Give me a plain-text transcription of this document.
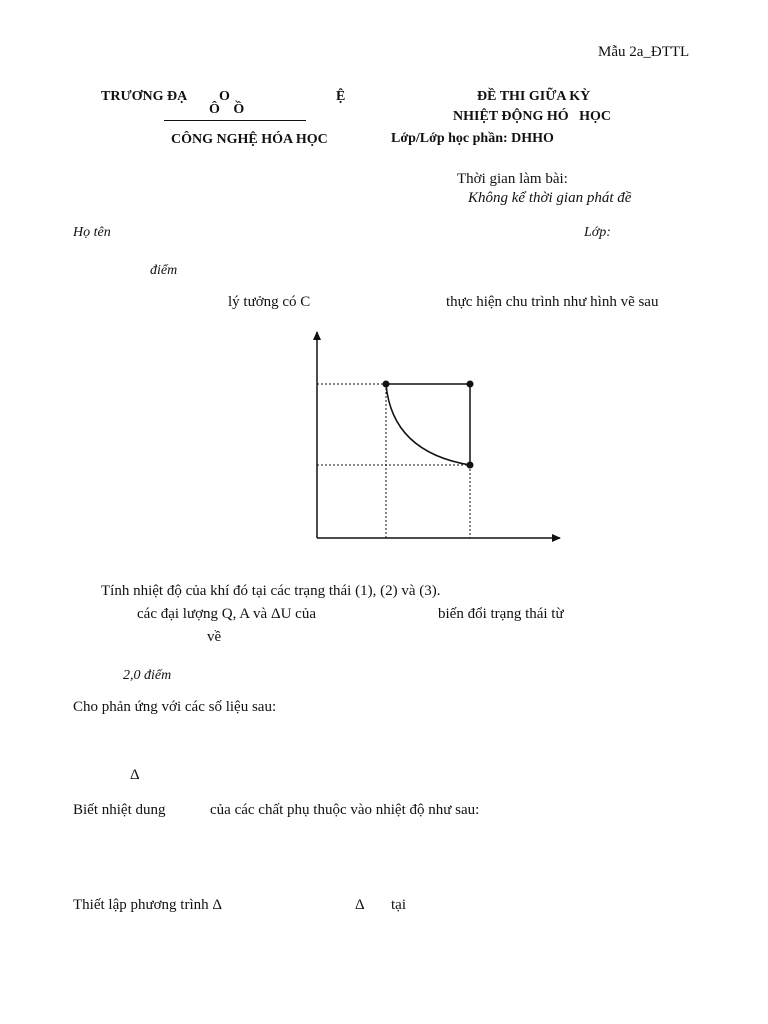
Mẫu 2a_ĐTTL
TRƯƠNG ĐẠ O	Ệ
Ô Ồ
CÔNG NGHỆ HÓA HỌC
ĐỀ THI GIỮA KỲ
NHIỆT ĐỘNG HÓ   HỌC
Lớp/Lớp học phần: DHHO
Thời gian làm bài:
Không kể thời gian phát đề
Họ tên	Lớp:
điểm
lý tưởng có C	thực hiện chu trình như hình vẽ sau
Tính nhiệt độ của khí đó tại các trạng thái (1), (2) và (3).
các đại lượng Q, A và ΔU của	biến đổi trạng thái từ
về
2,0 điểm
Cho phản ứng với các số liệu sau:
Δ
Biết nhiệt dung	của các chất phụ thuộc vào nhiệt độ như sau:
Thiết lập phương trình Δ	Δ tại
